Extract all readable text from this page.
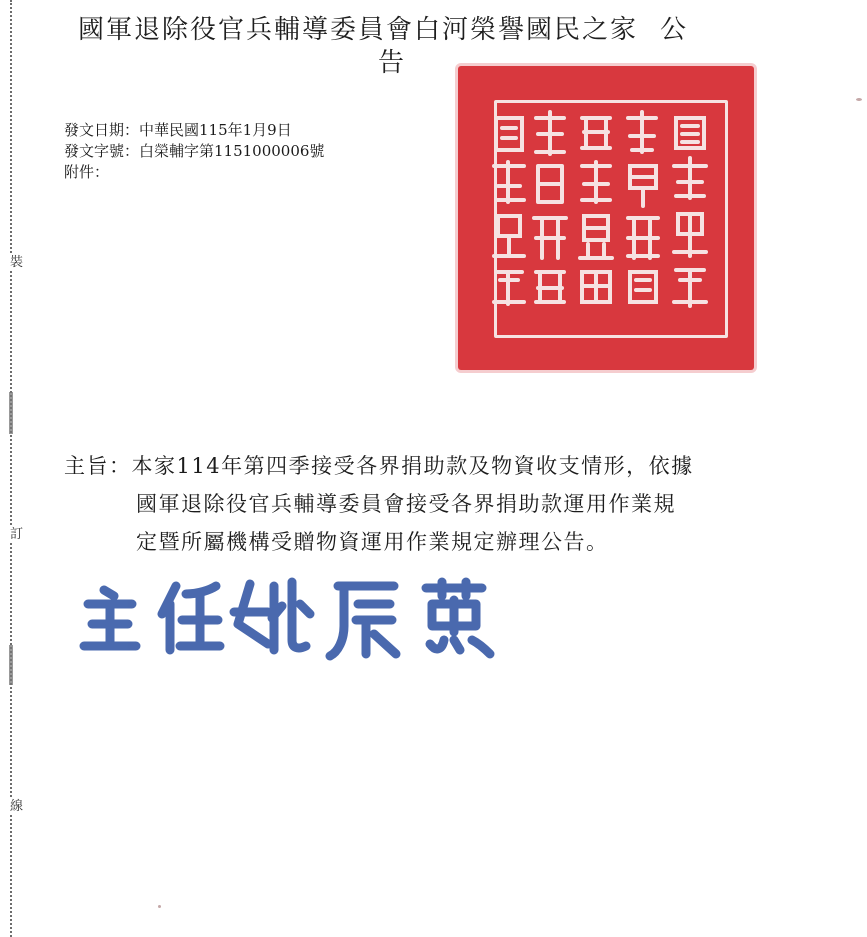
裝
訂
線
國軍退除役官兵輔導委員會白河榮譽國民之家 公
告
發文日期：中華民國115年1月9日
發文字號：白榮輔字第1151000006號
附件：
主旨：本家114年第四季接受各界捐助款及物資收支情形，依據
國軍退除役官兵輔導委員會接受各界捐助款運用作業規
定暨所屬機構受贈物資運用作業規定辦理公告。
